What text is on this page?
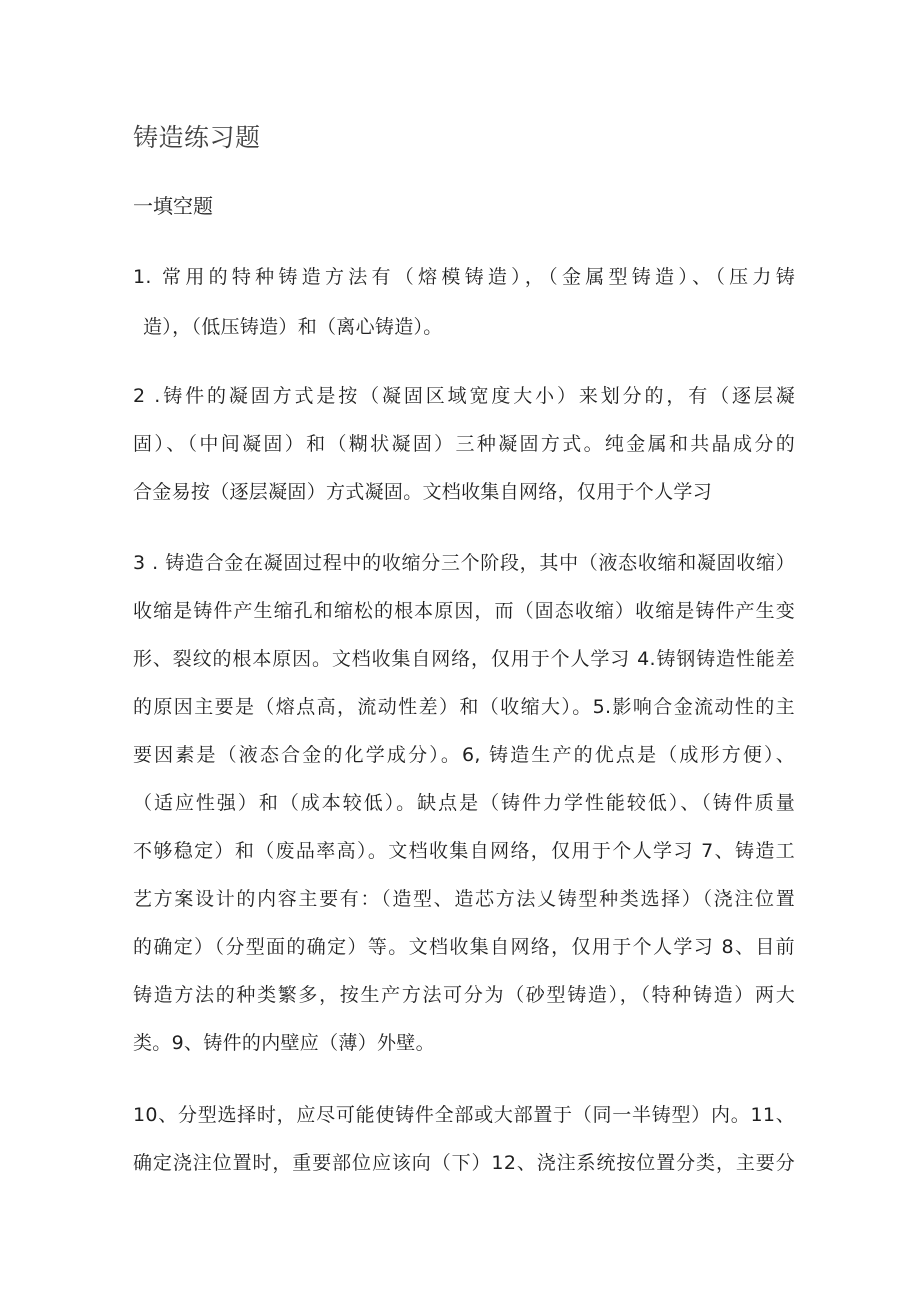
铸造练习题
一填空题
1. 常用的特种铸造方法有（熔模铸造），（金属型铸造）、（压力铸
造），（低压铸造）和（离心铸造）。
2 .铸件的凝固方式是按（凝固区域宽度大小）来划分的，有（逐层凝
固）、（中间凝固）和（糊状凝固）三种凝固方式。纯金属和共晶成分的
合金易按（逐层凝固）方式凝固。文档收集自网络，仅用于个人学习
3 . 铸造合金在凝固过程中的收缩分三个阶段，其中（液态收缩和凝固收缩）
收缩是铸件产生缩孔和缩松的根本原因，而（固态收缩）收缩是铸件产生变
形、裂纹的根本原因。文档收集自网络，仅用于个人学习 4.铸钢铸造性能差
的原因主要是（熔点高，流动性差）和（收缩大）。5.影响合金流动性的主
要因素是（液态合金的化学成分）。6, 铸造生产的优点是（成形方便）、
（适应性强）和（成本较低）。缺点是（铸件力学性能较低）、（铸件质量
不够稳定）和（废品率高）。文档收集自网络，仅用于个人学习 7、铸造工
艺方案设计的内容主要有：（造型、造芯方法乂铸型种类选择）（浇注位置
的确定）（分型面的确定）等。文档收集自网络，仅用于个人学习 8、目前
铸造方法的种类繁多，按生产方法可分为（砂型铸造），（特种铸造）两大
类。9、铸件的内壁应（薄）外壁。
10、分型选择时，应尽可能使铸件全部或大部置于（同一半铸型）内。11、
确定浇注位置时，重要部位应该向（下）12、浇注系统按位置分类，主要分
